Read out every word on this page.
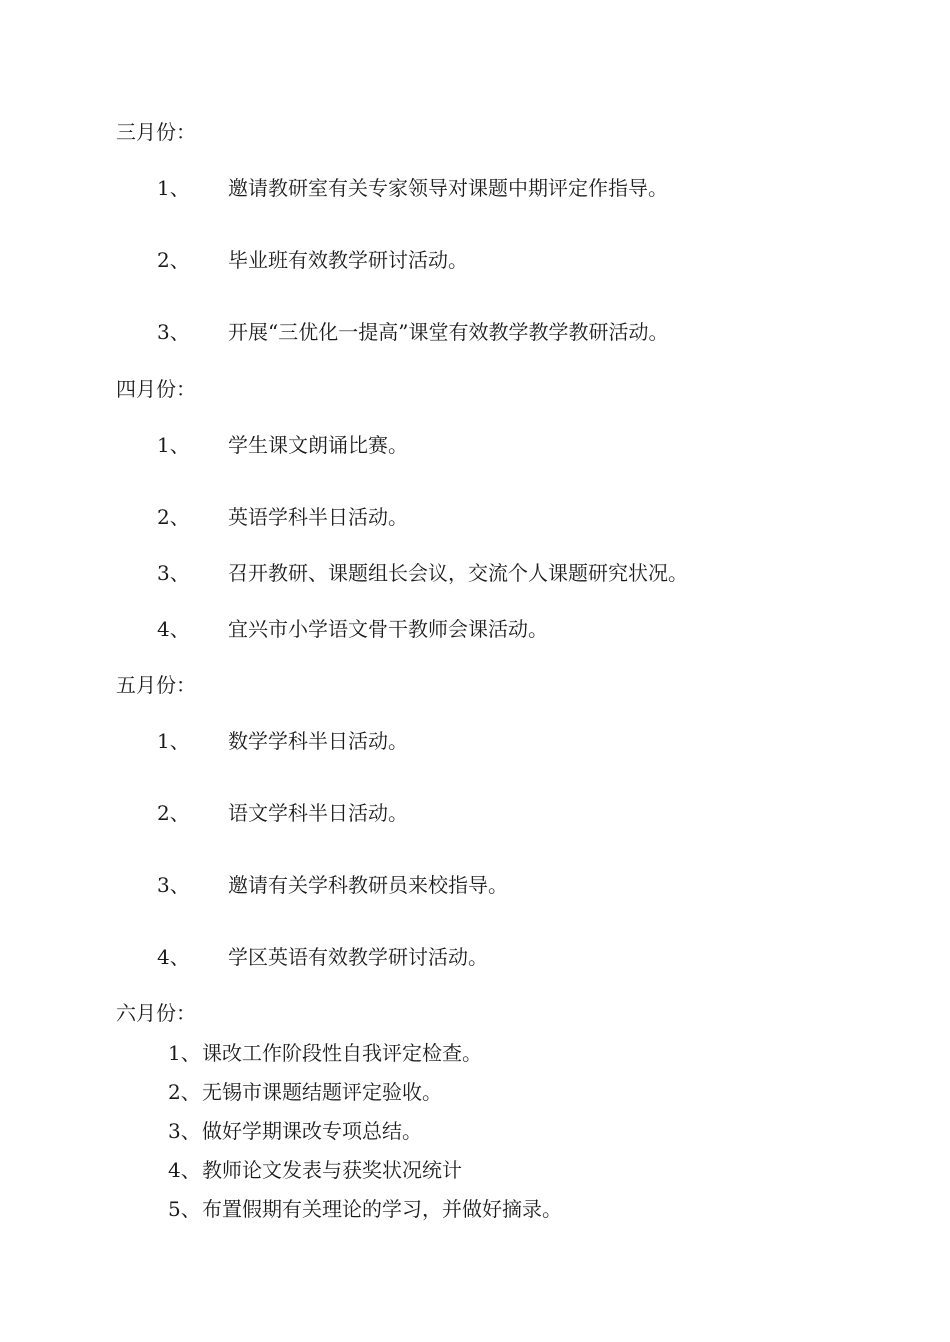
三月份：
1、 邀请教研室有关专家领导对课题中期评定作指导。
2、 毕业班有效教学研讨活动。
3、 开展“三优化一提高”课堂有效教学教学教研活动。
四月份：
1、 学生课文朗诵比赛。
2、 英语学科半日活动。
3、 召开教研、课题组长会议，交流个人课题研究状况。
4、 宜兴市小学语文骨干教师会课活动。
五月份：
1、 数学学科半日活动。
2、 语文学科半日活动。
3、 邀请有关学科教研员来校指导。
4、 学区英语有效教学研讨活动。
六月份：
1、 课改工作阶段性自我评定检查。
2、 无锡市课题结题评定验收。
3、 做好学期课改专项总结。
4、 教师论文发表与获奖状况统计
5、 布置假期有关理论的学习，并做好摘录。
